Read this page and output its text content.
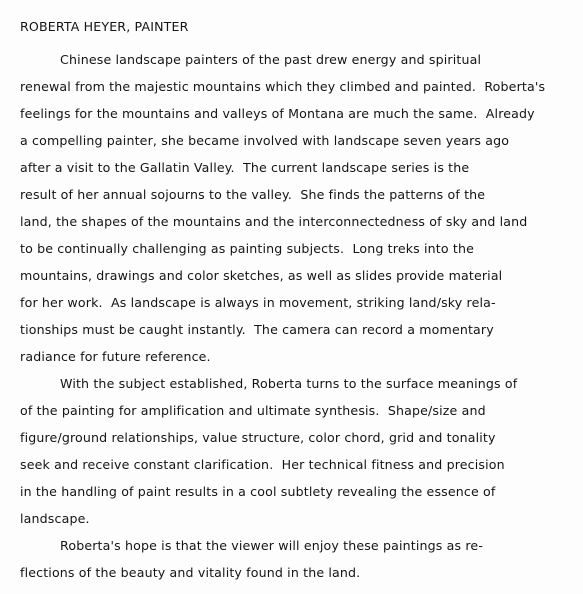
ROBERTA HEYER, PAINTER
Chinese landscape painters of the past drew energy and spiritual
renewal from the majestic mountains which they climbed and painted.  Roberta's
feelings for the mountains and valleys of Montana are much the same.  Already
a compelling painter, she became involved with landscape seven years ago
after a visit to the Gallatin Valley.  The current landscape series is the
result of her annual sojourns to the valley.  She finds the patterns of the
land, the shapes of the mountains and the interconnectedness of sky and land
to be continually challenging as painting subjects.  Long treks into the
mountains, drawings and color sketches, as well as slides provide material
for her work.  As landscape is always in movement, striking land/sky rela-
tionships must be caught instantly.  The camera can record a momentary
radiance for future reference.
With the subject established, Roberta turns to the surface meanings of
of the painting for amplification and ultimate synthesis.  Shape/size and
figure/ground relationships, value structure, color chord, grid and tonality
seek and receive constant clarification.  Her technical fitness and precision
in the handling of paint results in a cool subtlety revealing the essence of
landscape.
Roberta's hope is that the viewer will enjoy these paintings as re-
flections of the beauty and vitality found in the land.
